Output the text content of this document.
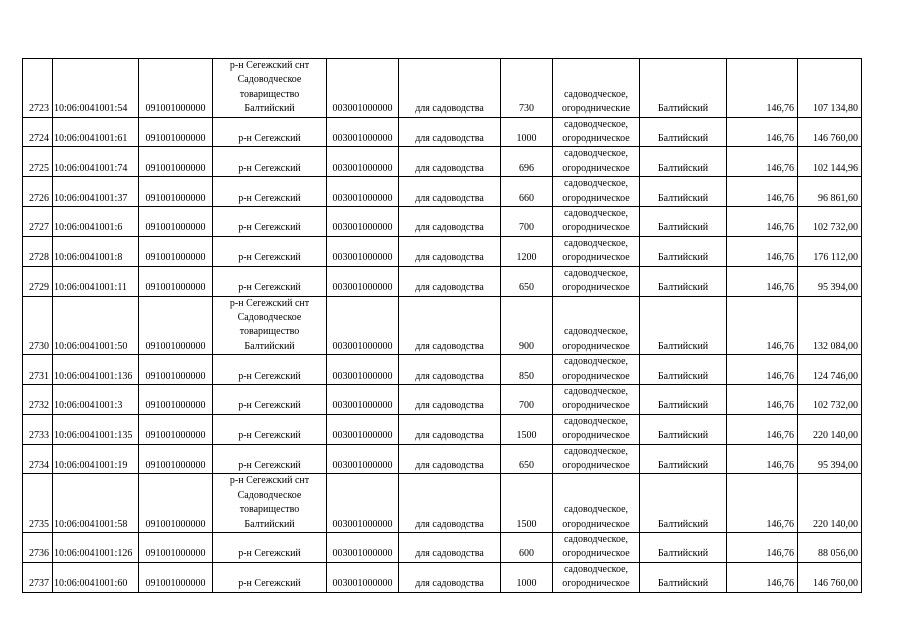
2723	10:06:0041001:54	091001000000	р-н Сегежский снт Садоводческое товарищество Балтийский	003001000000	для садоводства	730	садоводческое, огороднические	Балтийский	146,76	107 134,80
2724	10:06:0041001:61	091001000000	р-н Сегежский	003001000000	для садоводства	1000	садоводческое, огородническое	Балтийский	146,76	146 760,00
2725	10:06:0041001:74	091001000000	р-н Сегежский	003001000000	для садоводства	696	садоводческое, огородническое	Балтийский	146,76	102 144,96
2726	10:06:0041001:37	091001000000	р-н Сегежский	003001000000	для садоводства	660	садоводческое, огородническое	Балтийский	146,76	96 861,60
2727	10:06:0041001:6	091001000000	р-н Сегежский	003001000000	для садоводства	700	садоводческое, огородническое	Балтийский	146,76	102 732,00
2728	10:06:0041001:8	091001000000	р-н Сегежский	003001000000	для садоводства	1200	садоводческое, огородническое	Балтийский	146,76	176 112,00
2729	10:06:0041001:11	091001000000	р-н Сегежский	003001000000	для садоводства	650	садоводческое, огородническое	Балтийский	146,76	95 394,00
2730	10:06:0041001:50	091001000000	р-н Сегежский снт Садоводческое товарищество Балтийский	003001000000	для садоводства	900	садоводческое, огородническое	Балтийский	146,76	132 084,00
2731	10:06:0041001:136	091001000000	р-н Сегежский	003001000000	для садоводства	850	садоводческое, огородническое	Балтийский	146,76	124 746,00
2732	10:06:0041001:3	091001000000	р-н Сегежский	003001000000	для садоводства	700	садоводческое, огородническое	Балтийский	146,76	102 732,00
2733	10:06:0041001:135	091001000000	р-н Сегежский	003001000000	для садоводства	1500	садоводческое, огородническое	Балтийский	146,76	220 140,00
2734	10:06:0041001:19	091001000000	р-н Сегежский	003001000000	для садоводства	650	садоводческое, огородническое	Балтийский	146,76	95 394,00
2735	10:06:0041001:58	091001000000	р-н Сегежский снт Садоводческое товарищество Балтийский	003001000000	для садоводства	1500	садоводческое, огородническое	Балтийский	146,76	220 140,00
2736	10:06:0041001:126	091001000000	р-н Сегежский	003001000000	для садоводства	600	садоводческое, огородническое	Балтийский	146,76	88 056,00
2737	10:06:0041001:60	091001000000	р-н Сегежский	003001000000	для садоводства	1000	садоводческое, огородническое	Балтийский	146,76	146 760,00
